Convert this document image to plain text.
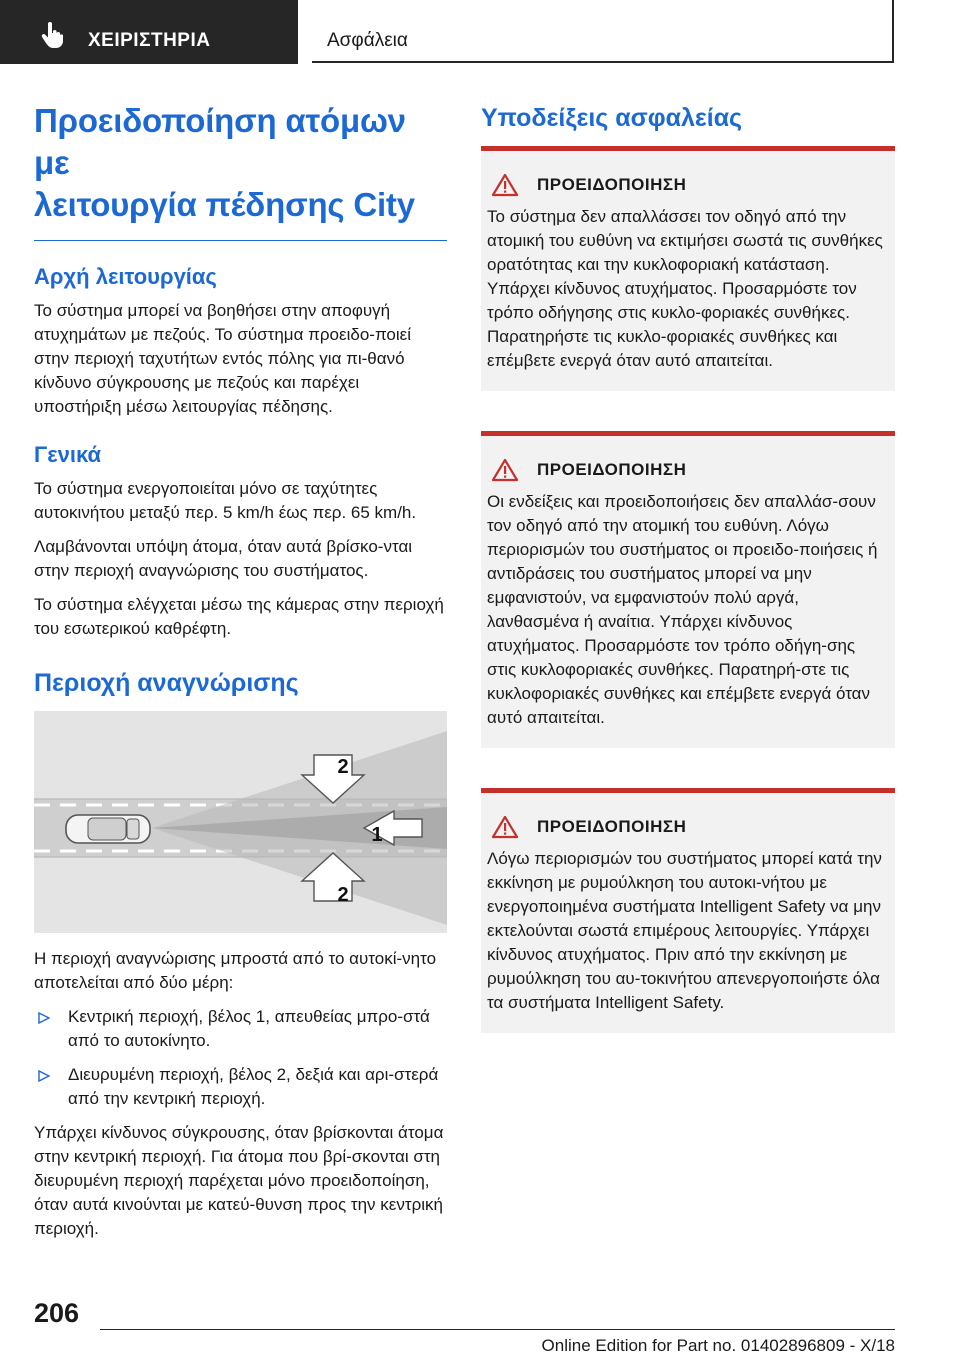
ΧΕΙΡΙΣΤΗΡΙΑ	Ασφάλεια
Προειδοποίηση ατόμων με
λειτουργία πέδησης City
Αρχή λειτουργίας

Το σύστημα μπορεί να βοηθήσει στην αποφυγή ατυχημάτων με πεζούς. Το σύστημα προειδο-ποιεί στην περιοχή ταχυτήτων εντός πόλης για πι-θανό κίνδυνο σύγκρουσης με πεζούς και παρέχει υποστήριξη μέσω λειτουργίας πέδησης.

Γενικά

Το σύστημα ενεργοποιείται μόνο σε ταχύτητες αυτοκινήτου μεταξύ περ. 5 km/h έως περ. 65 km/h.

Λαμβάνονται υπόψη άτομα, όταν αυτά βρίσκο-νται στην περιοχή αναγνώρισης του συστήματος.

Το σύστημα ελέγχεται μέσω της κάμερας στην περιοχή του εσωτερικού καθρέφτη.

Περιοχή αναγνώρισης
2
1
2

Η περιοχή αναγνώρισης μπροστά από το αυτοκί-νητο αποτελείται από δύο μέρη:

Κεντρική περιοχή, βέλος 1, απευθείας μπρο-στά από το αυτοκίνητο.
Διευρυμένη περιοχή, βέλος 2, δεξιά και αρι-στερά από την κεντρική περιοχή.

Υπάρχει κίνδυνος σύγκρουσης, όταν βρίσκονται άτομα στην κεντρική περιοχή. Για άτομα που βρί-σκονται στη διευρυμένη περιοχή παρέχεται μόνο προειδοποίηση, όταν αυτά κινούνται με κατεύ-θυνση προς την κεντρική περιοχή.

Υποδείξεις ασφαλείας
ΠΡΟΕΙΔΟΠΟΙΗΣΗ

Το σύστημα δεν απαλλάσσει τον οδηγό από την ατομική του ευθύνη να εκτιμήσει σωστά τις συνθήκες ορατότητας και την κυκλοφοριακή κατάσταση. Υπάρχει κίνδυνος ατυχήματος. Προσαρμόστε τον τρόπο οδήγησης στις κυκλο-φοριακές συνθήκες. Παρατηρήστε τις κυκλο-φοριακές συνθήκες και επέμβετε ενεργά όταν αυτό απαιτείται.

ΠΡΟΕΙΔΟΠΟΙΗΣΗ

Οι ενδείξεις και προειδοποιήσεις δεν απαλλάσ-σουν τον οδηγό από την ατομική του ευθύνη. Λόγω περιορισμών του συστήματος οι προειδο-ποιήσεις ή αντιδράσεις του συστήματος μπορεί να μην εμφανιστούν, να εμφανιστούν πολύ αργά, λανθασμένα ή αναίτια. Υπάρχει κίνδυνος ατυχήματος. Προσαρμόστε τον τρόπο οδήγη-σης στις κυκλοφοριακές συνθήκες. Παρατηρή-στε τις κυκλοφοριακές συνθήκες και επέμβετε ενεργά όταν αυτό απαιτείται.

ΠΡΟΕΙΔΟΠΟΙΗΣΗ

Λόγω περιορισμών του συστήματος μπορεί κατά την εκκίνηση με ρυμούλκηση του αυτοκι-νήτου με ενεργοποιημένα συστήματα Intelligent Safety να μην εκτελούνται σωστά επιμέρους λειτουργίες. Υπάρχει κίνδυνος ατυχήματος. Πριν από την εκκίνηση με ρυμούλκηση του αυ-τοκινήτου απενεργοποιήστε όλα τα συστήματα Intelligent Safety.

206
Online Edition for Part no. 01402896809 - X/18
